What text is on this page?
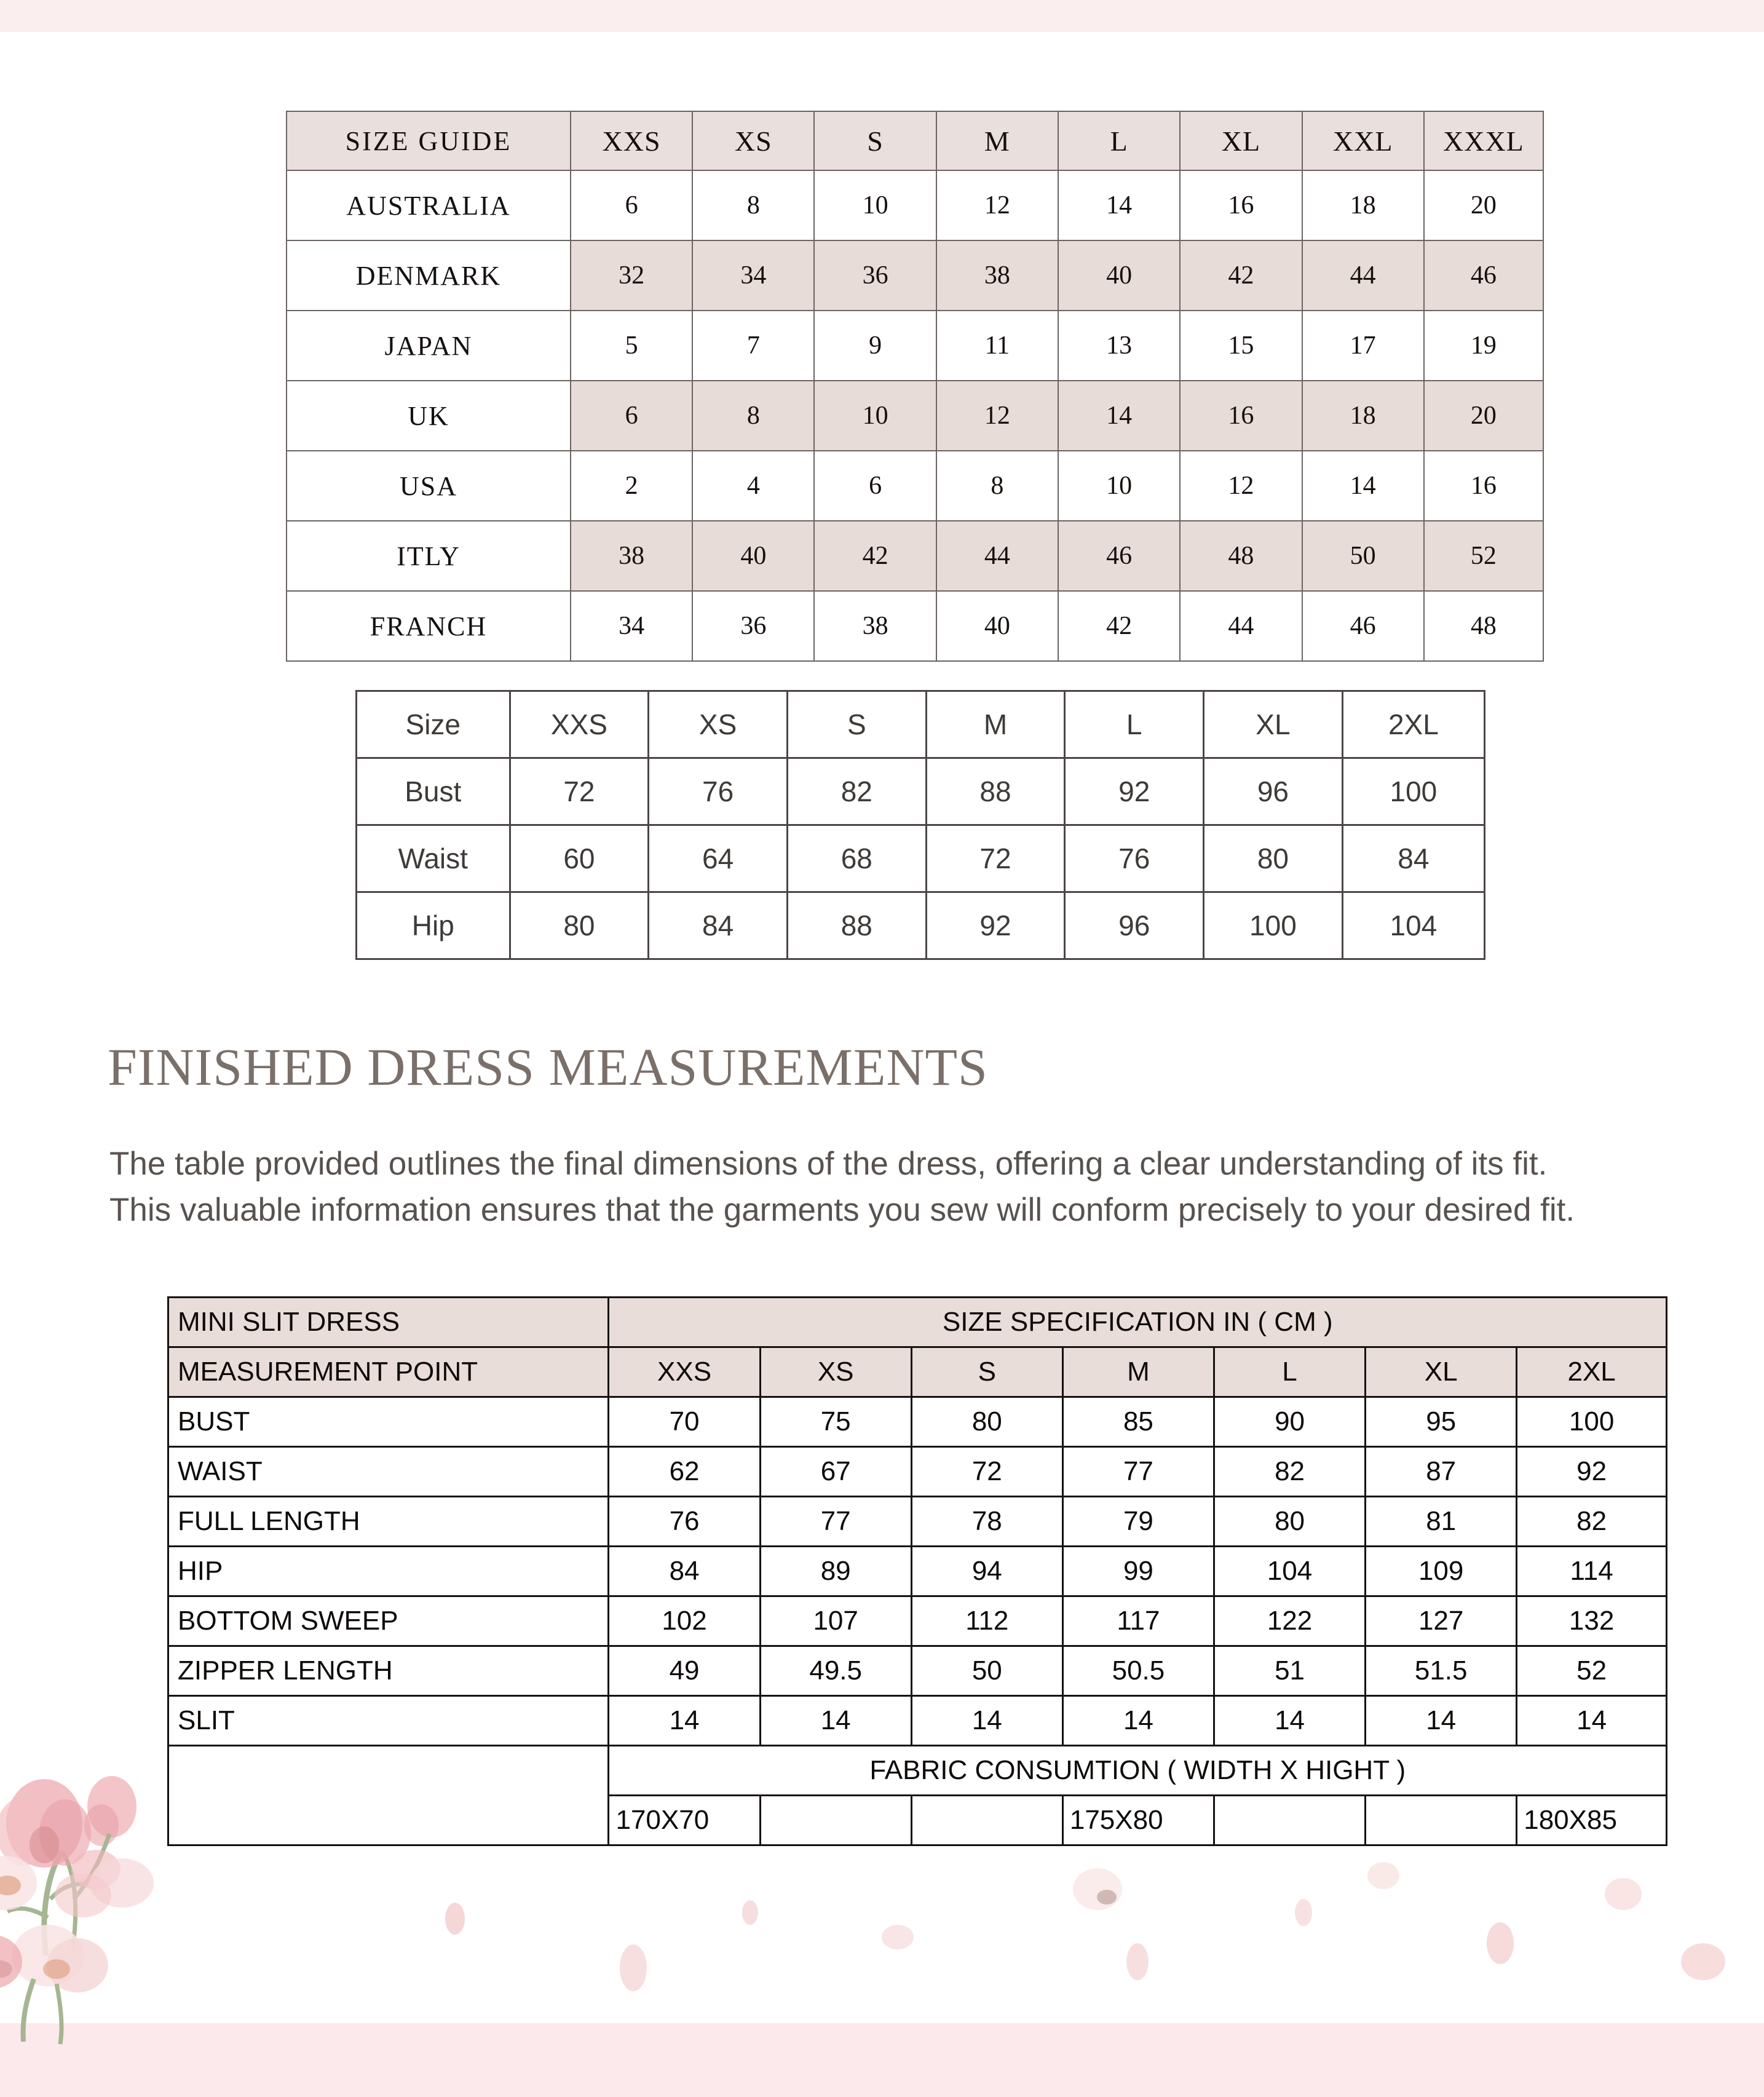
SIZE GUIDE	XXS	XS	S	M	L	XL	XXL	XXXL
AUSTRALIA	6	8	10	12	14	16	18	20
DENMARK	32	34	36	38	40	42	44	46
JAPAN	5	7	9	11	13	15	17	19
UK	6	8	10	12	14	16	18	20
USA	2	4	6	8	10	12	14	16
ITLY	38	40	42	44	46	48	50	52
FRANCH	34	36	38	40	42	44	46	48
Size	XXS	XS	S	M	L	XL	2XL
Bust	72	76	82	88	92	96	100
Waist	60	64	68	72	76	80	84
Hip	80	84	88	92	96	100	104
FINISHED DRESS MEASUREMENTS
The table provided outlines the final dimensions of the dress, offering a clear understanding of its fit.
This valuable information ensures that the garments you sew will conform precisely to your desired fit.
MINI SLIT DRESS	SIZE SPECIFICATION IN ( CM )						
MEASUREMENT POINT	XXS	XS	S	M	L	XL	2XL
BUST	70	75	80	85	90	95	100
WAIST	62	67	72	77	82	87	92
FULL LENGTH	76	77	78	79	80	81	82
HIP	84	89	94	99	104	109	114
BOTTOM SWEEP	102	107	112	117	122	127	132
ZIPPER LENGTH	49	49.5	50	50.5	51	51.5	52
SLIT	14	14	14	14	14	14	14
	FABRIC CONSUMTION ( WIDTH X HIGHT )						
	170X70			175X80			180X85
